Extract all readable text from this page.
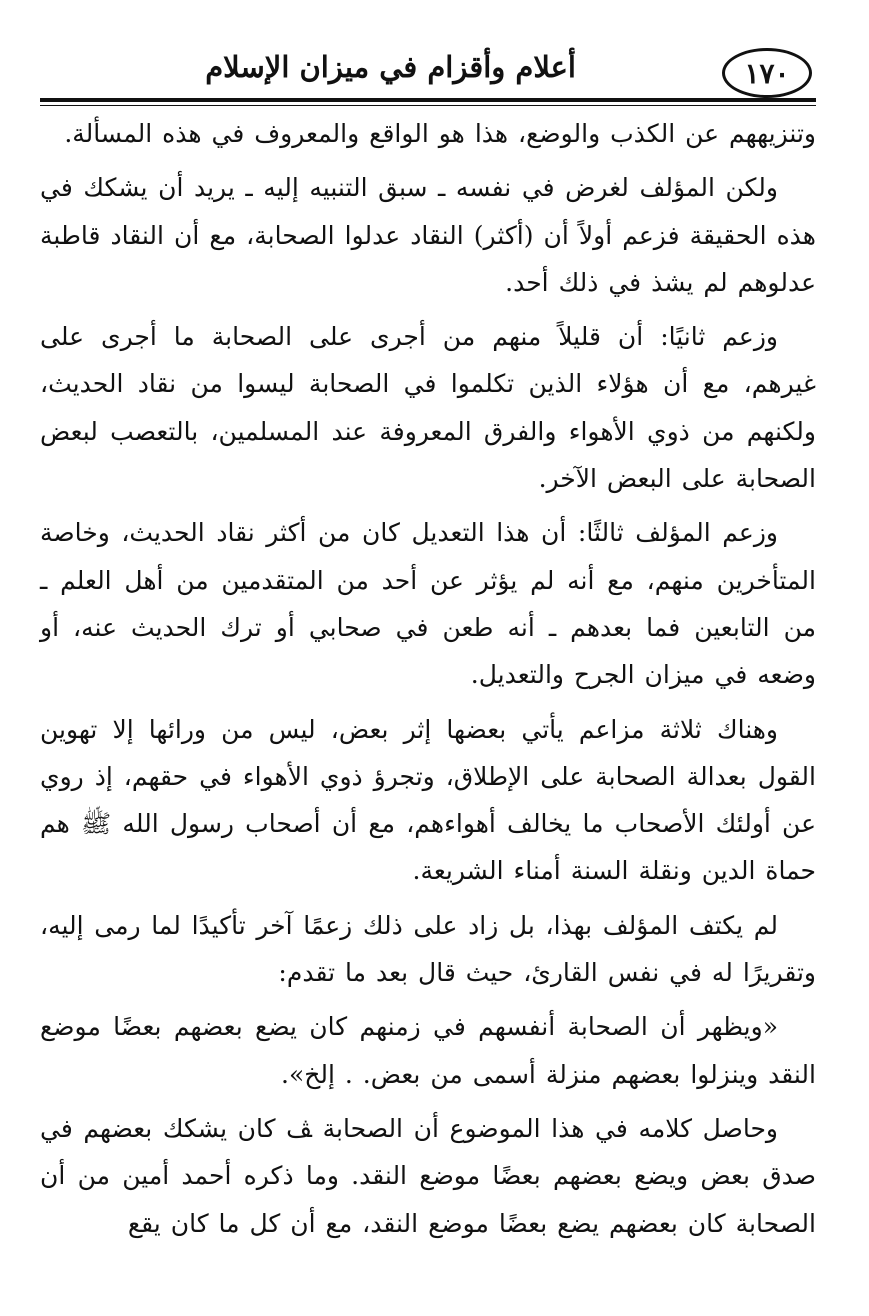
أعلام وأقزام في ميزان الإسلام	١٧٠

وتنزيههم عن الكذب والوضع، هذا هو الواقع والمعروف في هذه المسألة.

ولكن المؤلف لغرض في نفسه ـ سبق التنبيه إليه ـ يريد أن يشكك في هذه الحقيقة فزعم أولاً أن (أكثر) النقاد عدلوا الصحابة، مع أن النقاد قاطبة عدلوهم لم يشذ في ذلك أحد.

وزعم ثانيًا: أن قليلاً منهم من أجرى على الصحابة ما أجرى على غيرهم، مع أن هؤلاء الذين تكلموا في الصحابة ليسوا من نقاد الحديث، ولكنهم من ذوي الأهواء والفرق المعروفة عند المسلمين، بالتعصب لبعض الصحابة على البعض الآخر.

وزعم المؤلف ثالثًا: أن هذا التعديل كان من أكثر نقاد الحديث، وخاصة المتأخرين منهم، مع أنه لم يؤثر عن أحد من المتقدمين من أهل العلم ـ من التابعين فما بعدهم ـ أنه طعن في صحابي أو ترك الحديث عنه، أو وضعه في ميزان الجرح والتعديل.

وهناك ثلاثة مزاعم يأتي بعضها إثر بعض، ليس من ورائها إلا تهوين القول بعدالة الصحابة على الإطلاق، وتجرؤ ذوي الأهواء في حقهم، إذ روي عن أولئك الأصحاب ما يخالف أهواءهم، مع أن أصحاب رسول الله ﷺ هم حماة الدين ونقلة السنة أمناء الشريعة.

لم يكتف المؤلف بهذا، بل زاد على ذلك زعمًا آخر تأكيدًا لما رمى إليه، وتقريرًا له في نفس القارئ، حيث قال بعد ما تقدم:

«ويظهر أن الصحابة أنفسهم في زمنهم كان يضع بعضهم بعضًا موضع النقد وينزلوا بعضهم منزلة أسمى من بعض. . إلخ».

وحاصل كلامه في هذا الموضوع أن الصحابة ﭫ كان يشكك بعضهم في صدق بعض ويضع بعضهم بعضًا موضع النقد. وما ذكره أحمد أمين من أن الصحابة كان بعضهم يضع بعضًا موضع النقد، مع أن كل ما كان يقع
